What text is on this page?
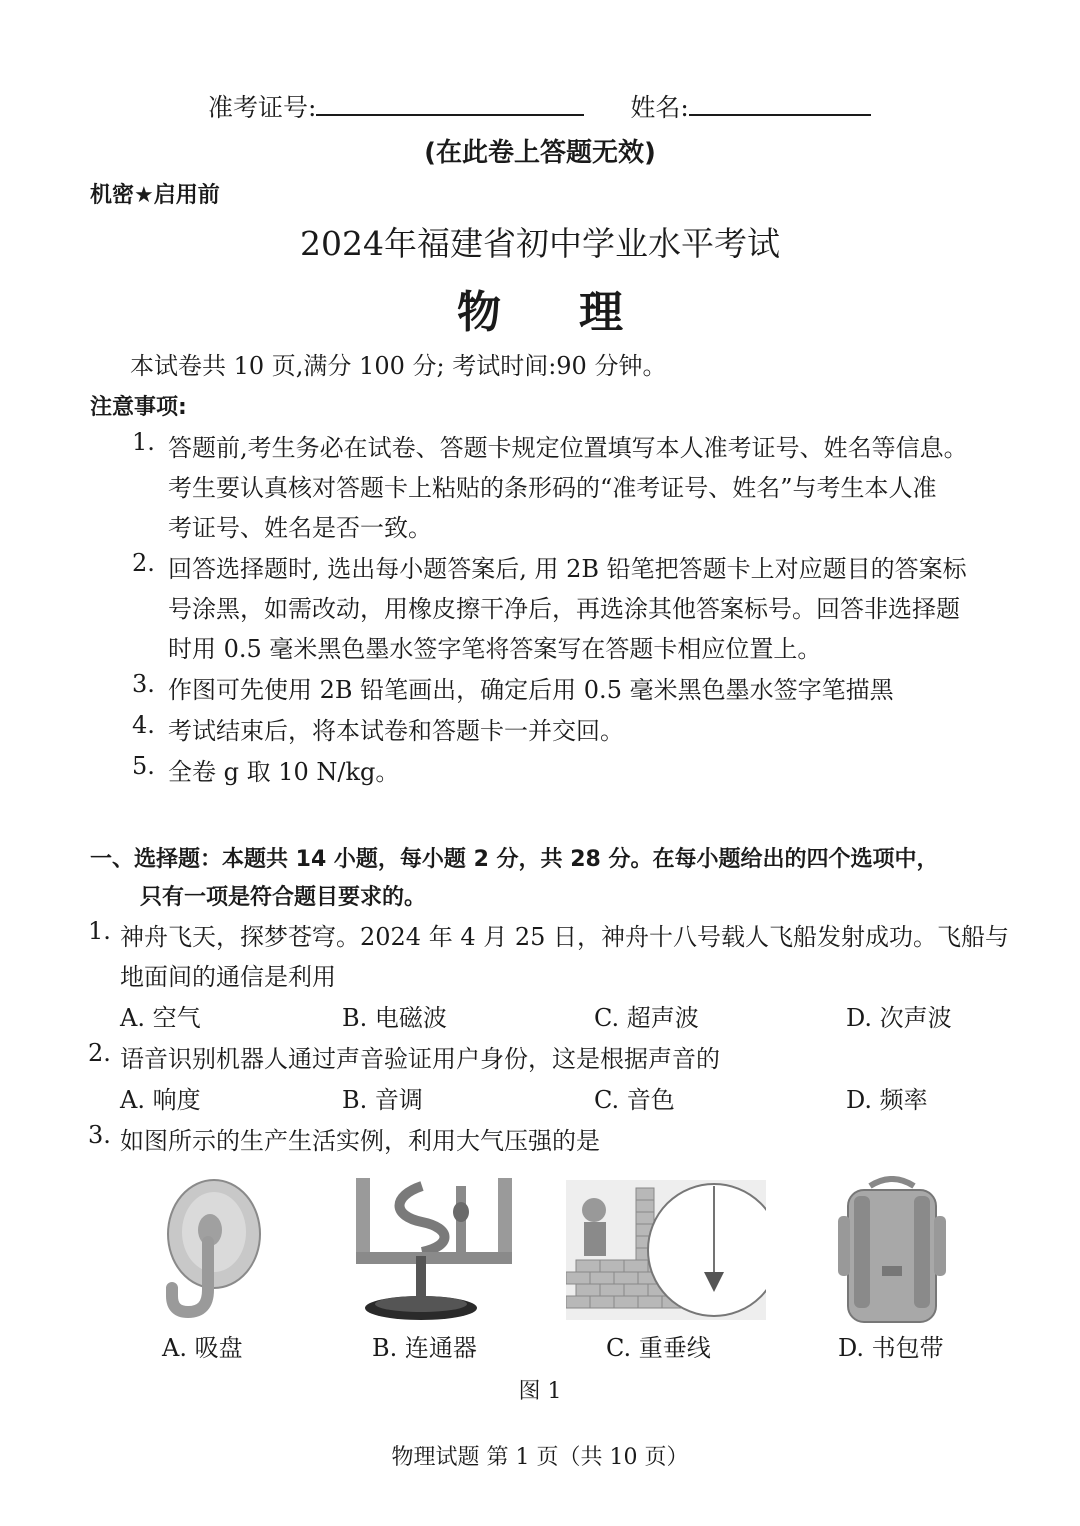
准考证号:	姓名:
(在此卷上答题无效)
机密★启用前
2024年福建省初中学业水平考试
物 理
本试卷共 10 页,满分 100 分; 考试时间:90 分钟。
注意事项:
1. 答题前,考生务必在试卷、答题卡规定位置填写本人准考证号、姓名等信息。
考生要认真核对答题卡上粘贴的条形码的“准考证号、姓名”与考生本人准
考证号、姓名是否一致。
2. 回答选择题时, 选出每小题答案后, 用 2B 铅笔把答题卡上对应题目的答案标
号涂黑，如需改动，用橡皮擦干净后，再选涂其他答案标号。回答非选择题
时用 0.5 毫米黑色墨水签字笔将答案写在答题卡相应位置上。
3. 作图可先使用 2B 铅笔画出，确定后用 0.5 毫米黑色墨水签字笔描黑
4. 考试结束后，将本试卷和答题卡一并交回。
5. 全卷 g 取 10 N/kg。
一、选择题：本题共 14 小题，每小题 2 分，共 28 分。在每小题给出的四个选项中，
只有一项是符合题目要求的。
1. 神舟飞天，探梦苍穹。2024 年 4 月 25 日，神舟十八号载人飞船发射成功。飞船与
地面间的通信是利用
A. 空气	B. 电磁波	C. 超声波	D. 次声波
2. 语音识别机器人通过声音验证用户身份，这是根据声音的
A. 响度	B. 音调	C. 音色	D. 频率
3. 如图所示的生产生活实例，利用大气压强的是
A. 吸盘	B. 连通器	C. 重垂线	D. 书包带
图 1
物理试题 第 1 页（共 10 页）
